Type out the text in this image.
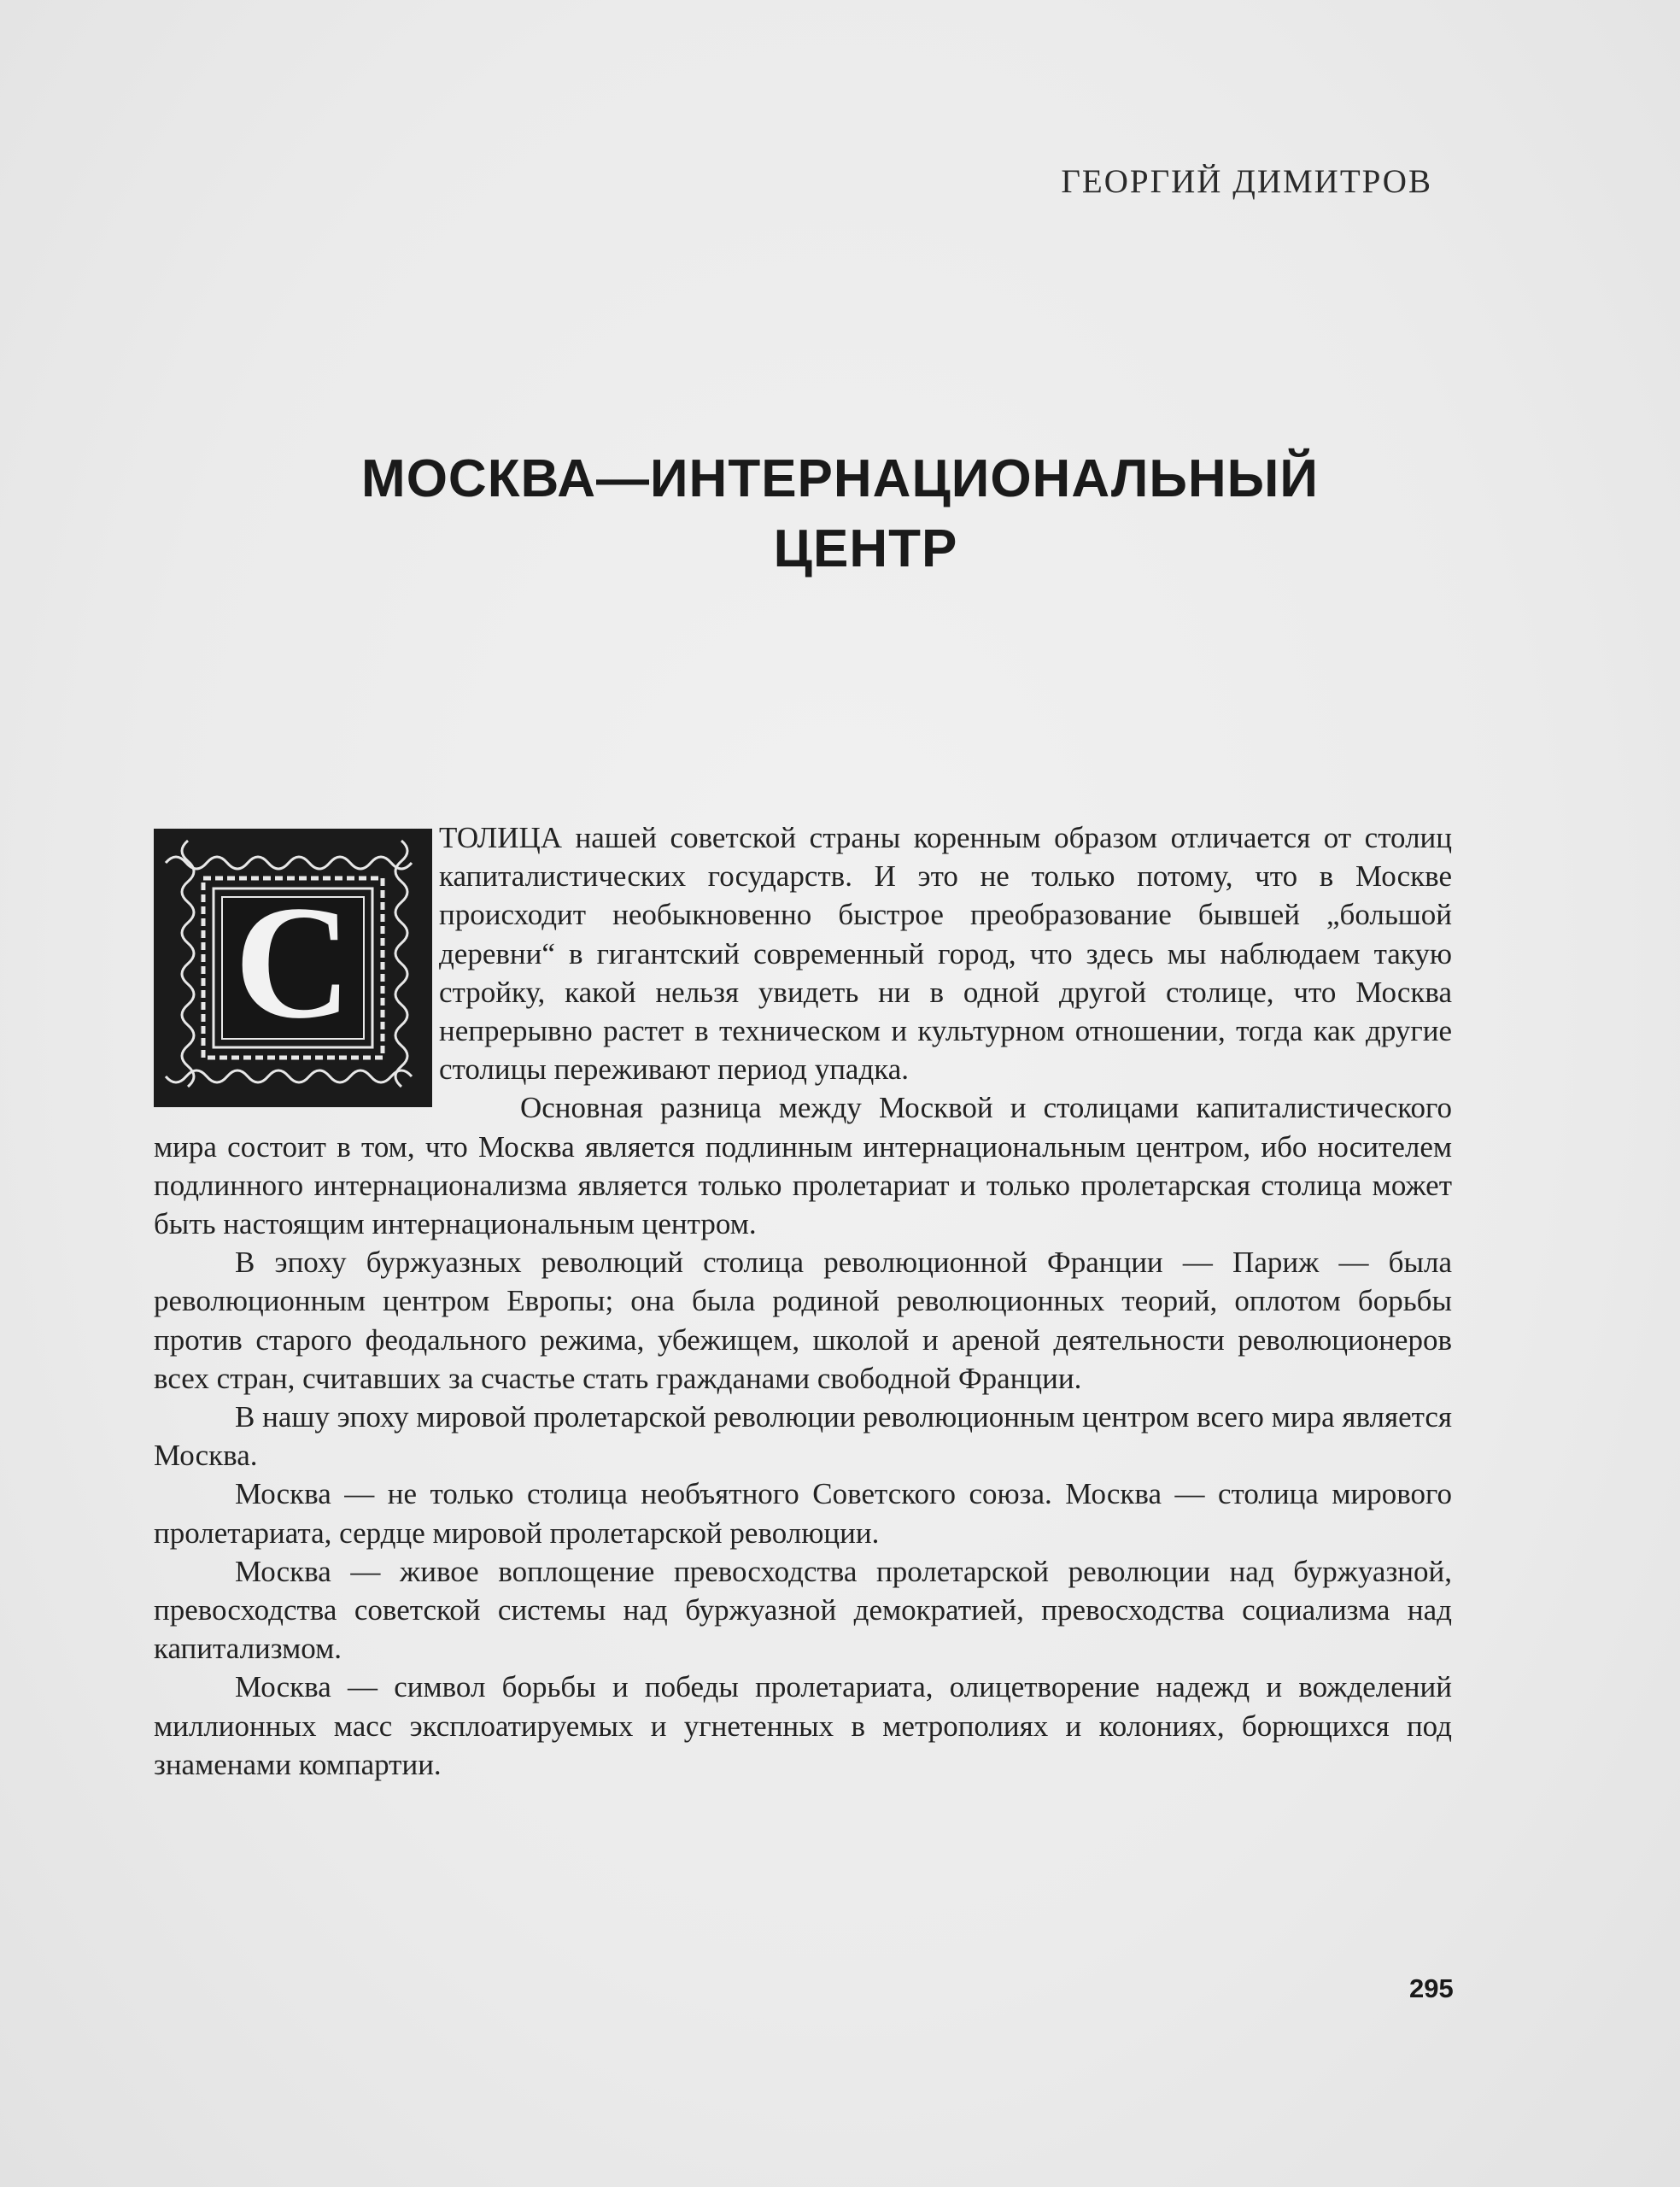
ГЕОРГИЙ ДИМИТРОВ
МОСКВА—ИНТЕРНАЦИОНАЛЬНЫЙ
ЦЕНТР
С

ТОЛИЦА нашей советской страны коренным образом отличается от столиц капиталистических государств. И это не только потому, что в Москве происходит необыкновенно быстрое преобразование бывшей „большой деревни“ в гигантский современный город, что здесь мы наблюдаем такую стройку, какой нельзя увидеть ни в одной другой столице, что Москва непрерывно растет в техническом и культурном отношении, тогда как другие столицы переживают период упадка.

Основная разница между Москвой и столицами капиталистического мира состоит в том, что Москва является подлинным интернациональным центром, ибо носителем подлинного интернационализма является только пролетариат и только пролетарская столица может быть настоящим интернациональным центром.

В эпоху буржуазных революций столица революционной Франции — Париж — была революционным центром Европы; она была родиной революционных теорий, оплотом борьбы против старого феодального режима, убежищем, школой и ареной деятельности революционеров всех стран, считавших за счастье стать гражданами свободной Франции.

В нашу эпоху мировой пролетарской революции революционным центром всего мира является Москва.

Москва — не только столица необъятного Советского союза. Москва — столица мирового пролетариата, сердце мировой пролетарской революции.

Москва — живое воплощение превосходства пролетарской революции над буржуазной, превосходства советской системы над буржуазной демократией, превосходства социализма над капитализмом.

Москва — символ борьбы и победы пролетариата, олицетворение надежд и вожделений миллионных масс эксплоатируемых и угнетенных в метрополиях и колониях, борющихся под знаменами компартии.

295
